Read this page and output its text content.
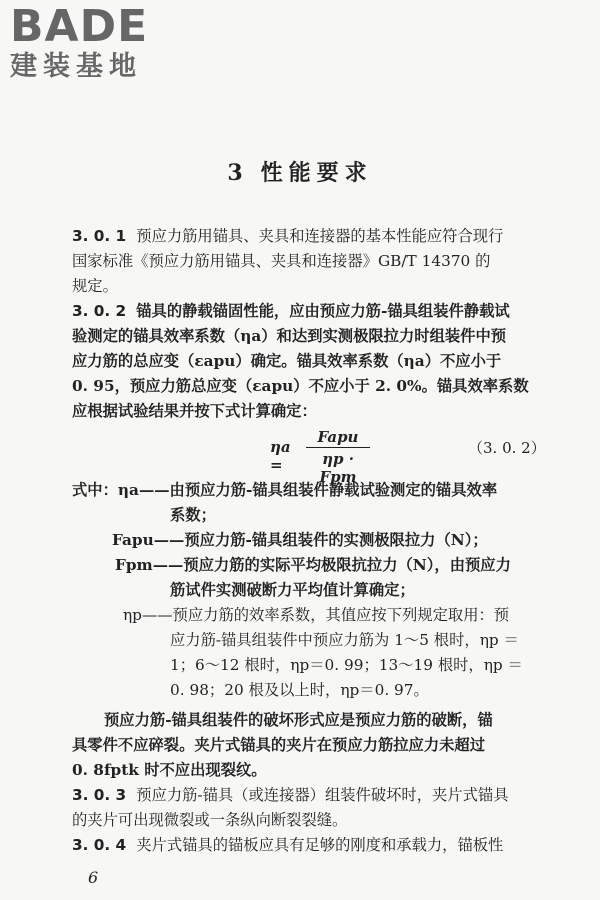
BADE
建装基地
3 性能要求
3. 0. 1 预应力筋用锚具、夹具和连接器的基本性能应符合现行
国家标准《预应力筋用锚具、夹具和连接器》GB/T 14370 的
规定。
3. 0. 2 锚具的静载锚固性能，应由预应力筋-锚具组装件静载试
验测定的锚具效率系数（ηa）和达到实测极限拉力时组装件中预
应力筋的总应变（εapu）确定。锚具效率系数（ηa）不应小于
0. 95，预应力筋总应变（εapu）不应小于 2. 0%。锚具效率系数
应根据试验结果并按下式计算确定：
ηa =
Fapu
ηp · Fpm
（3. 0. 2）
式中：ηa——由预应力筋-锚具组装件静载试验测定的锚具效率
系数；
Fapu——预应力筋-锚具组装件的实测极限拉力（N）；
Fpm——预应力筋的实际平均极限抗拉力（N），由预应力
筋试件实测破断力平均值计算确定；
ηp——预应力筋的效率系数，其值应按下列规定取用：预
应力筋-锚具组装件中预应力筋为 1～5 根时，ηp ＝
1；6～12 根时，ηp＝0. 99；13～19 根时，ηp ＝
0. 98；20 根及以上时，ηp＝0. 97。
预应力筋-锚具组装件的破坏形式应是预应力筋的破断，锚
具零件不应碎裂。夹片式锚具的夹片在预应力筋拉应力未超过
0. 8fptk 时不应出现裂纹。
3. 0. 3 预应力筋-锚具（或连接器）组装件破坏时，夹片式锚具
的夹片可出现微裂或一条纵向断裂裂缝。
3. 0. 4 夹片式锚具的锚板应具有足够的刚度和承载力，锚板性
6
